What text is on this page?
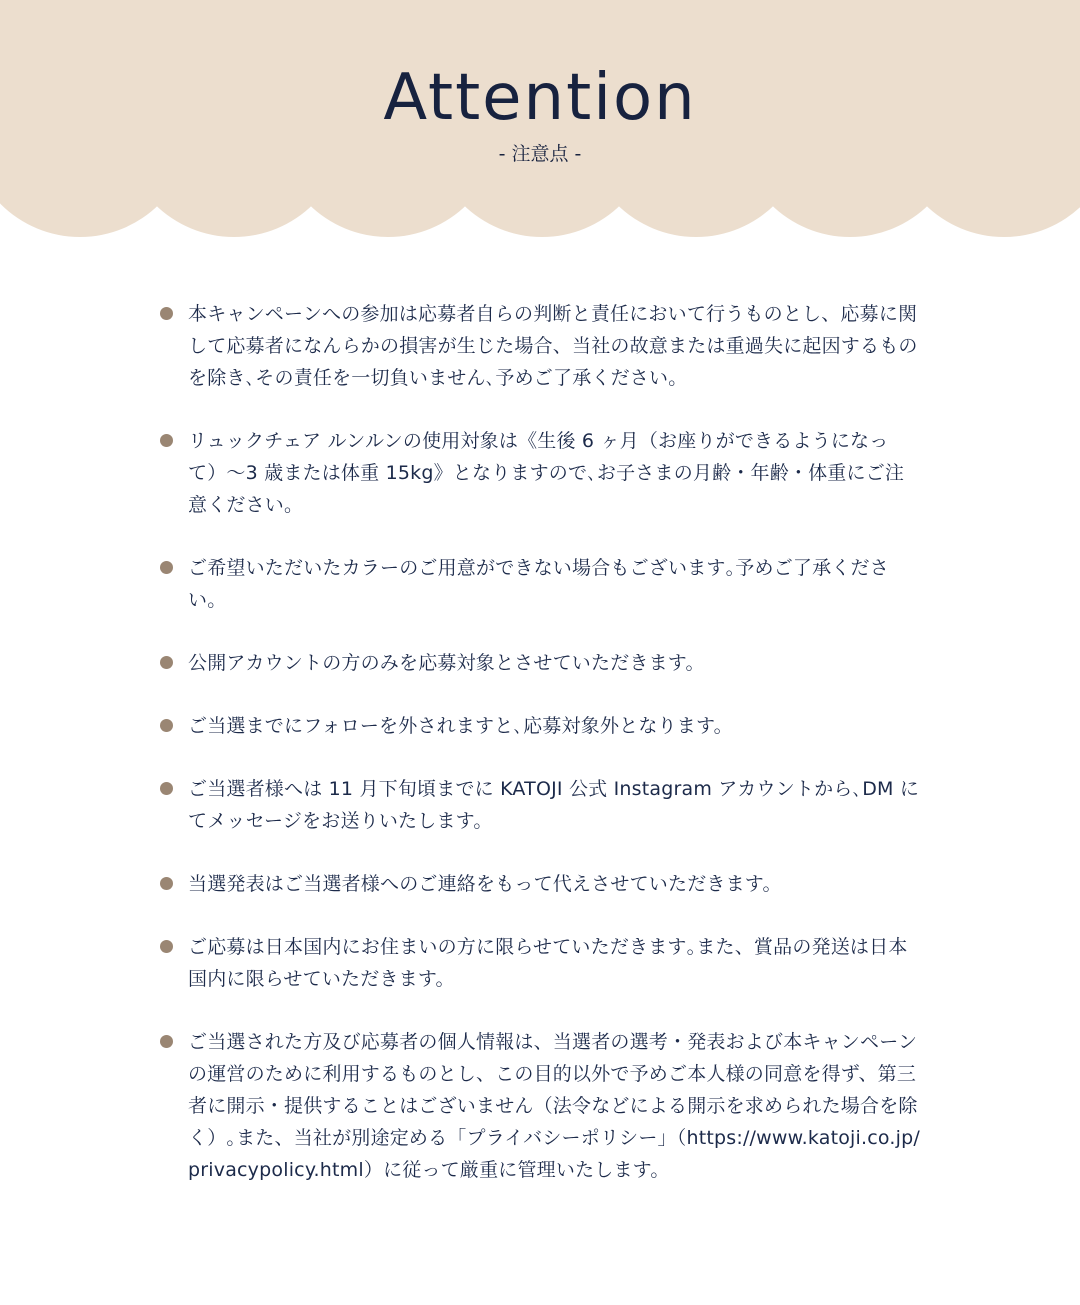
Attention
- 注意点 -
本キャンペーンへの参加は応募者自らの判断と責任において行うものとし、応募に関して応募者になんらかの損害が生じた場合、当社の故意または重過失に起因するものを除き､その責任を一切負いません､予めご了承ください。
リュックチェア ルンルンの使用対象は《生後 6 ヶ月（お座りができるようになって）〜3 歳または体重 15kg》となりますので､お子さまの月齢・年齢・体重にご注意ください。
ご希望いただいたカラーのご用意ができない場合もございます｡予めご了承ください。
公開アカウントの方のみを応募対象とさせていただきます。
ご当選までにフォローを外されますと､応募対象外となります。
ご当選者様へは 11 月下旬頃までに KATOJI 公式 Instagram アカウントから､DM にてメッセージをお送りいたします。
当選発表はご当選者様へのご連絡をもって代えさせていただきます。
ご応募は日本国内にお住まいの方に限らせていただきます｡また、賞品の発送は日本国内に限らせていただきます。
ご当選された方及び応募者の個人情報は、当選者の選考・発表および本キャンペーンの運営のために利用するものとし、この目的以外で予めご本人様の同意を得ず、第三者に開示・提供することはございません（法令などによる開示を求められた場合を除く）｡また、当社が別途定める「プライバシーポリシー」（https://www.katoji.co.jp/privacypolicy.html）に従って厳重に管理いたします。
